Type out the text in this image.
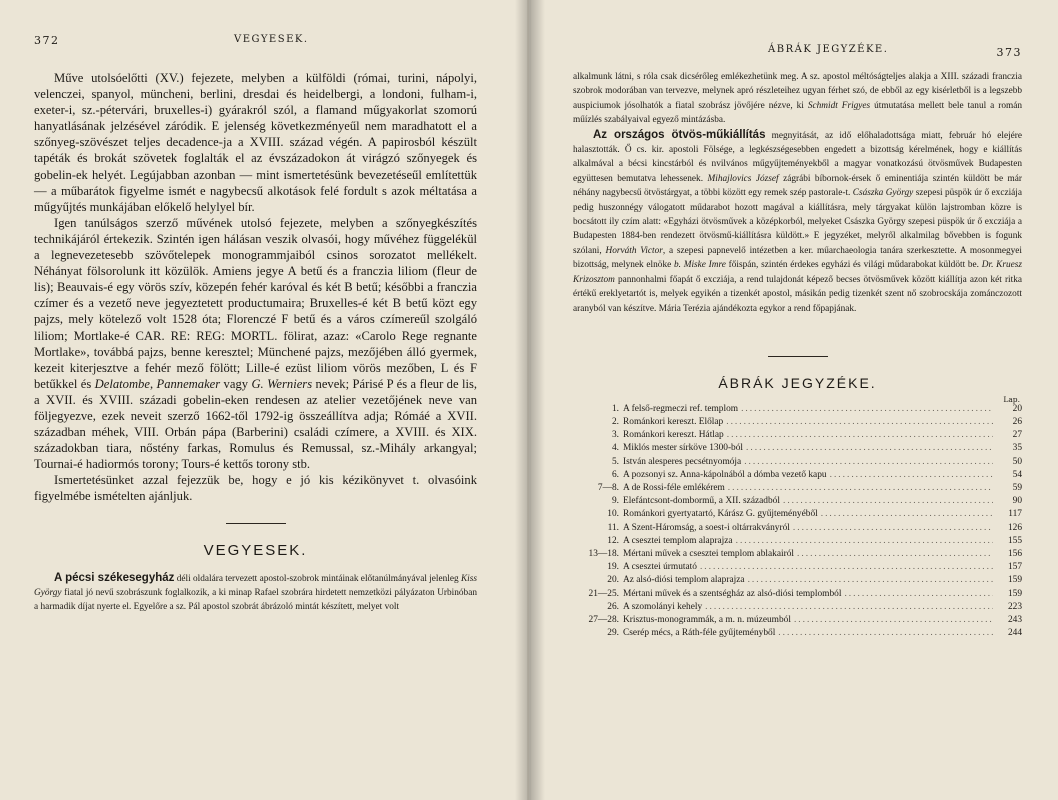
372	VEGYESEK.

Műve utolsóelőtti (XV.) fejezete, melyben a külföldi (római, turini, nápolyi, velenczei, spanyol, müncheni, berlini, dresdai és heidelbergi, a londoni, fulham-i, exeter-i, sz.-pétervári, bruxelles-i) gyárakról szól, a flamand műgyakorlat szomorú hanyatlásának jelzésével záródik. E jelenség következményeűl nem maradhatott el a szőnyeg-szövészet teljes decadence-ja a XVIII. század végén. A papirosból készült tapéták és brokát szövetek foglalták el az évszázadokon át virágzó szőnyegek és gobelin-ek helyét. Legújabban azonban — mint ismertetésünk bevezetéseűl említettük — a műbarátok figyelme ismét e nagybecsű alkotások felé fordult s azok méltatása a műgyűjtés munkájában előkelő helylyel bír.

Igen tanúlságos szerző művének utolsó fejezete, melyben a szőnyegkészítés technikájáról értekezik. Szintén igen hálásan veszik olvasói, hogy művéhez függelékül a legnevezetesebb szövőtelepek monogrammjaiból csinos sorozatot mellékelt. Néhányat fölsorolunk itt közülök. Amiens jegye A betű és a franczia liliom (fleur de lis); Beauvais-é egy vörös szív, közepén fehér karóval és két B betű; későbbi a franczia czímer és a vezető neve jegyeztetett productumaira; Bruxelles-é két B betű közt egy pajzs, mely kötelező volt 1528 óta; Florenczé F betű és a város czímereűl szolgáló liliom; Mortlake-é CAR. RE: REG: MORTL. fölirat, azaz: «Carolo Rege regnante Mortlake», továbbá pajzs, benne keresztel; Münchené pajzs, mezőjében álló gyermek, kezeit kiterjesztve a fehér mező fölött; Lille-é ezüst liliom vörös mezőben, L és F betűkkel és Delatombe, Pannemaker vagy G. Werniers nevek; Párisé P és a fleur de lis, a XVII. és XVIII. századi gobelin-eken rendesen az atelier vezetőjének neve van följegyezve, ezek neveit szerző 1662-től 1792-ig összeállítva adja; Rómáé a XVII. században méhek, VIII. Orbán pápa (Barberini) családi czímere, a XVIII. és XIX. századokban tiara, nőstény farkas, Romulus és Remussal, sz.-Mihály arkangyal; Tournai-é hadiormós torony; Tours-é kettős torony stb.

Ismertetésünket azzal fejezzük be, hogy e jó kis kézikönyvet t. olvasóink figyelmébe ismételten ajánljuk.

VEGYESEK.

A pécsi székesegyház déli oldalára tervezett apostol-szobrok mintáinak előtanúlmányával jelenleg Kiss György fiatal jó nevű szobrászunk foglalkozik, a ki minap Rafael szobrára hirdetett nemzetközi pályázaton Urbinóban a harmadik díjat nyerte el. Egyelőre a sz. Pál apostol szobrát ábrázoló mintát készített, melyet volt

ÁBRÁK JEGYZÉKE.	373

alkalmunk látni, s róla csak dicsérőleg emlékezhetünk meg. A sz. apostol méltóságteljes alakja a XIII. századi franczia szobrok modorában van tervezve, melynek apró részleteihez ugyan férhet szó, de ebből az egy kisérletből is a legszebb auspiciumok jósolhatók a fiatal szobrász jövőjére nézve, ki Schmidt Frigyes útmutatása mellett bele tanul a román műízlés szabályaival egyező mintázásba.

Az országos ötvös-műkiállítás megnyitását, az idő előhaladottsága miatt, február hó elejére halasztották. Ő cs. kir. apostoli Fölsége, a legkészségesebben engedett a bizottság kérelmének, hogy e kiállítás alkalmával a bécsi kincstárból és nvilvános műgyűjteményekből a magyar vonatkozású ötvösművek Budapesten együttesen bemutatva lehessenek. Mihajlovics József zágrábi bíbornok-érsek ő eminentiája szintén küldött be már néhány nagybecsű ötvöstárgyat, a többi között egy remek szép pastorale-t. Császka György szepesi püspök úr ő excziája pedig huszonnégy válogatott műdarabot hozott magával a kiállításra, mely tárgyakat külön lajstromban közre is bocsátott ily czím alatt: «Egyházi ötvösművek a középkorból, melyeket Császka György szepesi püspök úr ő excziája a Budapesten 1884-ben rendezett ötvösmű-kiállításra küldött.» E jegyzéket, melyről alkalmilag bővebben is fogunk szólani, Horváth Victor, a szepesi papnevelő intézetben a ker. műarchaeologia tanára szerkesztette. A mosonmegyei bizottság, melynek elnöke b. Miske Imre főispán, szintén érdekes egyházi és világi műdarabokat küldött be. Dr. Kruesz Krizosztom pannonhalmi főapát ő excziája, a rend tulajdonát képező becses ötvösművek között kiállítja azon két ritka értékű ereklyetartót is, melyek egyikén a tizenkét apostol, másikán pedig tizenkét szent nő szobrocskája zománczozott aranyból van készítve. Mária Terézia ajándékozta egykor a rend főpapjának.

ÁBRÁK JEGYZÉKE.
Lap.
1. A felső-regmeczi ref. templom .....	20
2. Románkori kereszt. Előlap .....	26
3. Románkori kereszt. Hátlap .....	27
4. Miklós mester sírköve 1300-ból .....	35
5. István alesperes pecsétnyomója .....	50
6. A pozsonyi sz. Anna-kápolnából a dómba vezető kapu .....	54
7—8. A de Rossi-féle emlékérem .....	59
9. Elefántcsont-dombormű, a XII. századból .....	90
10. Románkori gyertyatartó, Kárász G. gyűjteményéből .....	117
11. A Szent-Háromság, a soest-i oltárrakványról .....	126
12. A csesztei templom alaprajza .....	155
13—18. Mértani művek a csesztei templom ablakairól .....	156
19. A csesztei úrmutató .....	157
20. Az alsó-diósi templom alaprajza .....	159
21—25. Mértani művek és a szentségház az alsó-diósi templomból .....	159
26. A szomolányi kehely .....	223
27—28. Krisztus-monogrammák, a m. n. múzeumból .....	243
29. Cserép mécs, a Ráth-féle gyűjteményből .....	244
